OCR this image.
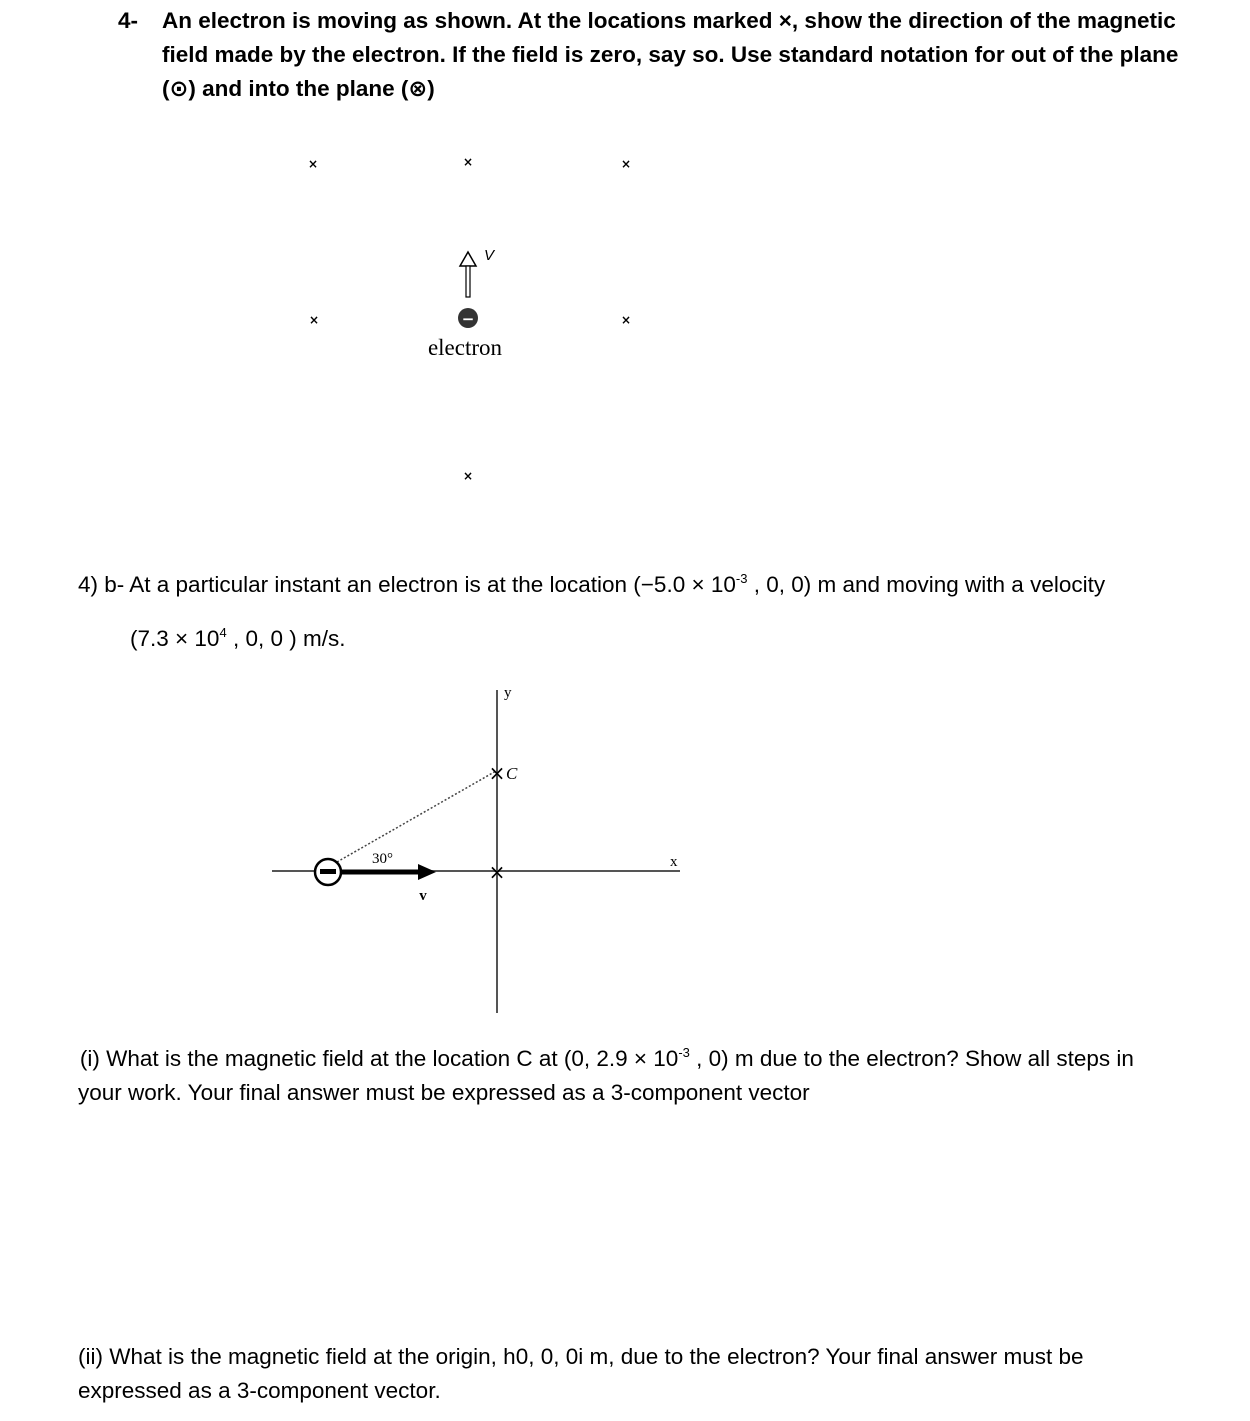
4- An electron is moving as shown. At the locations marked ×, show the direction of the magnetic
field made by the electron. If the field is zero, say so. Use standard notation for out of the plane
(⊙) and into the plane (⊗)
×	×	×
×	×
×
V
−
electron
4) b- At a particular instant an electron is at the location ($-5.0 \times 10^{-3}$ , 0, 0) m and moving with a velocity
($7.3 \times 10^4$ , 0, 0 ) m/s.
y
x
× C
×
30°
v
 (i) What is the magnetic field at the location C at (0, $2.9 \times 10^{-3}$ , 0) m due to the electron? Show all steps in
your work. Your final answer must be expressed as a 3-component vector
(ii) What is the magnetic field at the origin, h0, 0, 0i m, due to the electron? Your final answer must be
expressed as a 3-component vector.
